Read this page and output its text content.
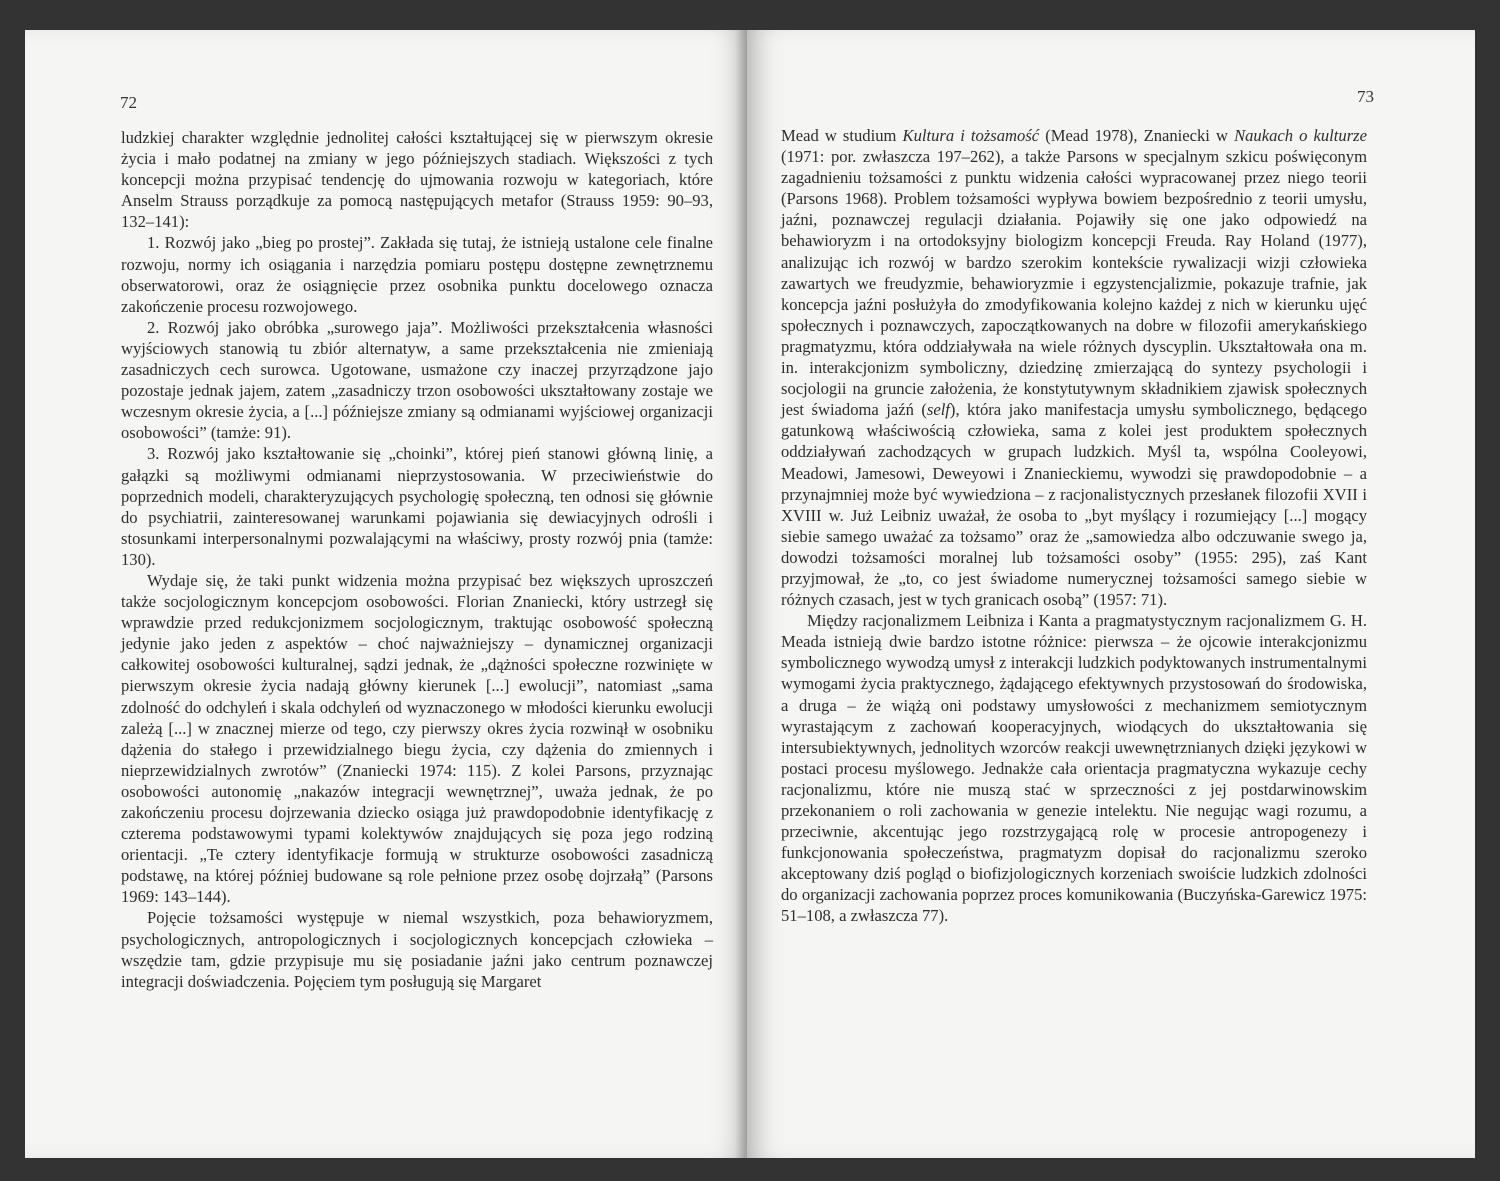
72

ludzkiej charakter względnie jednolitej całości kształtującej się w pierwszym okresie życia i mało podatnej na zmiany w jego późniejszych stadiach. Większości z tych koncepcji można przypisać tendencję do ujmowania rozwoju w kategoriach, które Anselm Strauss porządkuje za pomocą następujących metafor (Strauss 1959: 90–93, 132–141):

1. Rozwój jako „bieg po prostej”. Zakłada się tutaj, że istnieją ustalone cele finalne rozwoju, normy ich osiągania i narzędzia pomiaru postępu dostępne zewnętrznemu obserwatorowi, oraz że osiągnięcie przez osobnika punktu docelowego oznacza zakończenie procesu rozwojowego.

2. Rozwój jako obróbka „surowego jaja”. Możliwości przekształcenia własności wyjściowych stanowią tu zbiór alternatyw, a same przekształcenia nie zmieniają zasadniczych cech surowca. Ugotowane, usmażone czy inaczej przyrządzone jajo pozostaje jednak jajem, zatem „zasadniczy trzon osobowości ukształtowany zostaje we wczesnym okresie życia, a [...] późniejsze zmiany są odmianami wyjściowej organizacji osobowości” (tamże: 91).

3. Rozwój jako kształtowanie się „choinki”, której pień stanowi główną linię, a gałązki są możliwymi odmianami nieprzystosowania. W przeciwieństwie do poprzednich modeli, charakteryzujących psychologię społeczną, ten odnosi się głównie do psychiatrii, zainteresowanej warunkami pojawiania się dewiacyjnych odrośli i stosunkami interpersonalnymi pozwalającymi na właściwy, prosty rozwój pnia (tamże: 130).

Wydaje się, że taki punkt widzenia można przypisać bez większych uproszczeń także socjologicznym koncepcjom osobowości. Florian Znaniecki, który ustrzegł się wprawdzie przed redukcjonizmem socjologicznym, traktując osobowość społeczną jedynie jako jeden z aspektów – choć najważniejszy – dynamicznej organizacji całkowitej osobowości kulturalnej, sądzi jednak, że „dążności społeczne rozwinięte w pierwszym okresie życia nadają główny kierunek [...] ewolucji”, natomiast „sama zdolność do odchyleń i skala odchyleń od wyznaczonego w młodości kierunku ewolucji zależą [...] w znacznej mierze od tego, czy pierwszy okres życia rozwinął w osobniku dążenia do stałego i przewidzialnego biegu życia, czy dążenia do zmiennych i nieprzewidzialnych zwrotów” (Znaniecki 1974: 115). Z kolei Parsons, przyznając osobowości autonomię „nakazów integracji wewnętrznej”, uważa jednak, że po zakończeniu procesu dojrzewania dziecko osiąga już prawdopodobnie identyfikację z czterema podstawowymi typami kolektywów znajdujących się poza jego rodziną orientacji. „Te cztery identyfikacje formują w strukturze osobowości zasadniczą podstawę, na której później budowane są role pełnione przez osobę dojrzałą” (Parsons 1969: 143–144).

Pojęcie tożsamości występuje w niemal wszystkich, poza behawioryzmem, psychologicznych, antropologicznych i socjologicznych koncepcjach człowieka – wszędzie tam, gdzie przypisuje mu się posiadanie jaźni jako centrum poznawczej integracji doświadczenia. Pojęciem tym posługują się Margaret

73

Mead w studium Kultura i tożsamość (Mead 1978), Znaniecki w Naukach o kulturze (1971: por. zwłaszcza 197–262), a także Parsons w specjalnym szkicu poświęconym zagadnieniu tożsamości z punktu widzenia całości wypracowanej przez niego teorii (Parsons 1968). Problem tożsamości wypływa bowiem bezpośrednio z teorii umysłu, jaźni, poznawczej regulacji działania. Pojawiły się one jako odpowiedź na behawioryzm i na ortodoksyjny biologizm koncepcji Freuda. Ray Holand (1977), analizując ich rozwój w bardzo szerokim kontekście rywalizacji wizji człowieka zawartych we freudyzmie, behawioryzmie i egzystencjalizmie, pokazuje trafnie, jak koncepcja jaźni posłużyła do zmodyfikowania kolejno każdej z nich w kierunku ujęć społecznych i poznawczych, zapoczątkowanych na dobre w filozofii amerykańskiego pragmatyzmu, która oddziaływała na wiele różnych dyscyplin. Ukształtowała ona m. in. interakcjonizm symboliczny, dziedzinę zmierzającą do syntezy psychologii i socjologii na gruncie założenia, że konstytutywnym składnikiem zjawisk społecznych jest świadoma jaźń (self), która jako manifestacja umysłu symbolicznego, będącego gatunkową właściwością człowieka, sama z kolei jest produktem społecznych oddziaływań zachodzących w grupach ludzkich. Myśl ta, wspólna Cooleyowi, Meadowi, Jamesowi, Deweyowi i Znanieckiemu, wywodzi się prawdopodobnie – a przynajmniej może być wywiedziona – z racjonalistycznych przesłanek filozofii XVII i XVIII w. Już Leibniz uważał, że osoba to „byt myślący i rozumiejący [...] mogący siebie samego uważać za tożsamo” oraz że „samowiedza albo odczuwanie swego ja, dowodzi tożsamości moralnej lub tożsamości osoby” (1955: 295), zaś Kant przyjmował, że „to, co jest świadome numerycznej tożsamości samego siebie w różnych czasach, jest w tych granicach osobą” (1957: 71).

Między racjonalizmem Leibniza i Kanta a pragmatystycznym racjonalizmem G. H. Meada istnieją dwie bardzo istotne różnice: pierwsza – że ojcowie interakcjonizmu symbolicznego wywodzą umysł z interakcji ludzkich podyktowanych instrumentalnymi wymogami życia praktycznego, żądającego efektywnych przystosowań do środowiska, a druga – że wiążą oni podstawy umysłowości z mechanizmem semiotycznym wyrastającym z zachowań kooperacyjnych, wiodących do ukształtowania się intersubiektywnych, jednolitych wzorców reakcji uwewnętrznianych dzięki językowi w postaci procesu myślowego. Jednakże cała orientacja pragmatyczna wykazuje cechy racjonalizmu, które nie muszą stać w sprzeczności z jej postdarwinowskim przekonaniem o roli zachowania w genezie intelektu. Nie negując wagi rozumu, a przeciwnie, akcentując jego rozstrzygającą rolę w procesie antropogenezy i funkcjonowania społeczeństwa, pragmatyzm dopisał do racjonalizmu szeroko akceptowany dziś pogląd o biofizjologicznych korzeniach swoiście ludzkich zdolności do organizacji zachowania poprzez proces komunikowania (Buczyńska-Garewicz 1975: 51–108, a zwłaszcza 77).
